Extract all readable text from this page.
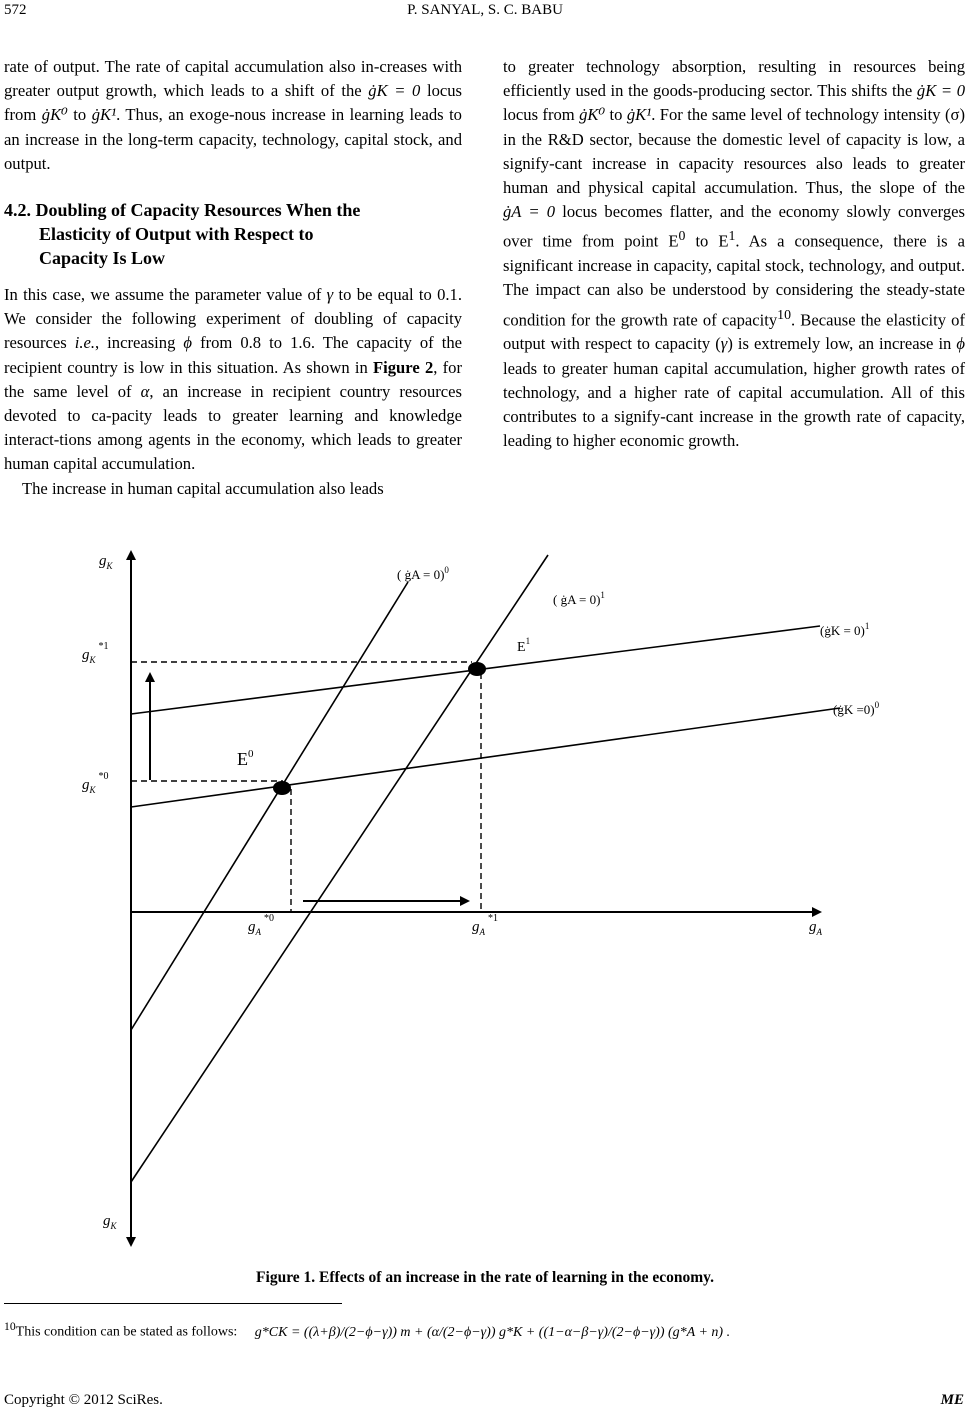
572	P. SANYAL, S. C. BABU

rate of output. The rate of capital accumulation also in-creases with greater output growth, which leads to a shift of the ġK = 0 locus from ġK⁰ to ġK¹. Thus, an exoge-nous increase in learning leads to an increase in the long-term capacity, technology, capital stock, and output.

4.2. Doubling of Capacity Resources When the
Elasticity of Output with Respect to
Capacity Is Low

In this case, we assume the parameter value of γ to be equal to 0.1. We consider the following experiment of doubling of capacity resources i.e., increasing ϕ from 0.8 to 1.6. The capacity of the recipient country is low in this situation. As shown in Figure 2, for the same level of α, an increase in recipient country resources devoted to ca-pacity leads to greater learning and knowledge interact-tions among agents in the economy, which leads to greater human capital accumulation.

The increase in human capital accumulation also leads

to greater technology absorption, resulting in resources being efficiently used in the goods-producing sector. This shifts the ġK = 0 locus from ġK⁰ to ġK¹. For the same level of technology intensity (σ) in the R&D sector, because the domestic level of capacity is low, a signify-cant increase in capacity resources also leads to greater human and physical capital accumulation. Thus, the slope of the ġA = 0 locus becomes flatter, and the economy slowly converges over time from point $E^0$ to $E^1$. As a consequence, there is a significant increase in capacity, capital stock, technology, and output. The impact can also be understood by considering the steady-state condition for the growth rate of capacity$^{10}$. Because the elasticity of output with respect to capacity (γ) is extremely low, an increase in ϕ leads to greater human capital accumulation, higher growth rates of technology, and a higher rate of capital accumulation. All of this contributes to a signify-cant increase in the growth rate of capacity, leading to higher economic growth.

$g_K$
$g_K^{*1}$
$g_K^{*0}$
$g_A^{*0}$
$g_A^{*1}$
$g_A$
$g_K$
$E^0$
$E^1$
( ġA = 0)$^0$
( ġA = 0)$^1$
(ġK = 0)$^1$
(ġK =0)$^0$
Figure 1. Effects of an increase in the rate of learning in the economy.
$^{10}$This condition can be stated as follows: g*CK = ((λ+β)/(2−ϕ−γ)) m + (α/(2−ϕ−γ)) g*K + ((1−α−β−γ)/(2−ϕ−γ)) (g*A + n) .
Copyright © 2012 SciRes.	ME
